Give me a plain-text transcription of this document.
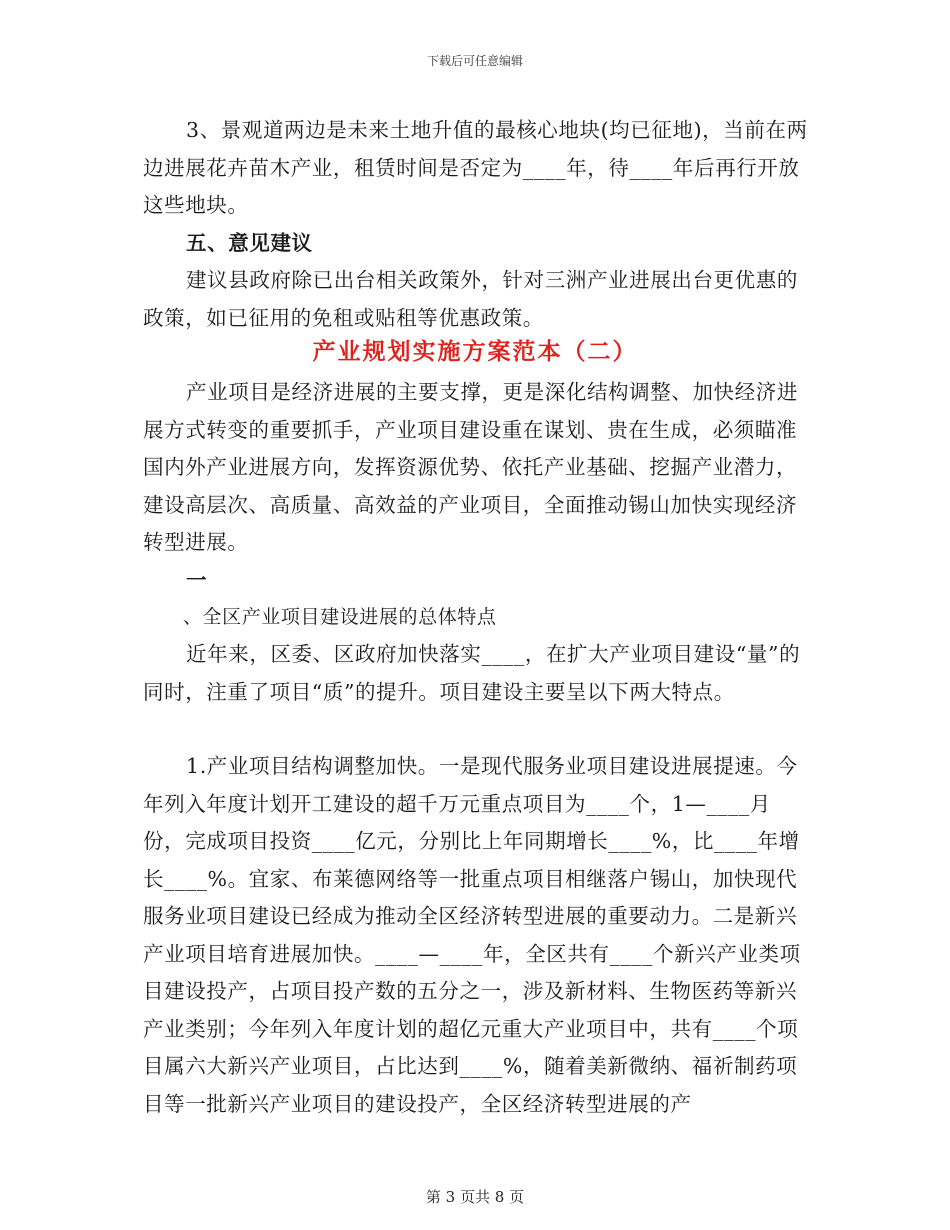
下载后可任意编辑

3、景观道两边是未来土地升值的最核心地块(均已征地)，当前在两边进展花卉苗木产业，租赁时间是否定为____年，待____年后再行开放这些地块。

五、意见建议

建议县政府除已出台相关政策外，针对三洲产业进展出台更优惠的政策，如已征用的免租或贴租等优惠政策。

产业规划实施方案范本（二）

产业项目是经济进展的主要支撑，更是深化结构调整、加快经济进展方式转变的重要抓手，产业项目建设重在谋划、贵在生成，必须瞄准国内外产业进展方向，发挥资源优势、依托产业基础、挖掘产业潜力，建设高层次、高质量、高效益的产业项目，全面推动锡山加快实现经济转型进展。

一

、全区产业项目建设进展的总体特点

近年来，区委、区政府加快落实____，在扩大产业项目建设“量”的同时，注重了项目“质”的提升。项目建设主要呈以下两大特点。

1.产业项目结构调整加快。一是现代服务业项目建设进展提速。今年列入年度计划开工建设的超千万元重点项目为____个，1—____月份，完成项目投资____亿元，分别比上年同期增长____%，比____年增长____%。宜家、布莱德网络等一批重点项目相继落户锡山，加快现代服务业项目建设已经成为推动全区经济转型进展的重要动力。二是新兴产业项目培育进展加快。____—____年，全区共有____个新兴产业类项目建设投产，占项目投产数的五分之一，涉及新材料、生物医药等新兴产业类别；今年列入年度计划的超亿元重大产业项目中，共有____个项目属六大新兴产业项目，占比达到____%，随着美新微纳、福祈制药项目等一批新兴产业项目的建设投产，全区经济转型进展的产

第 3 页共 8 页
